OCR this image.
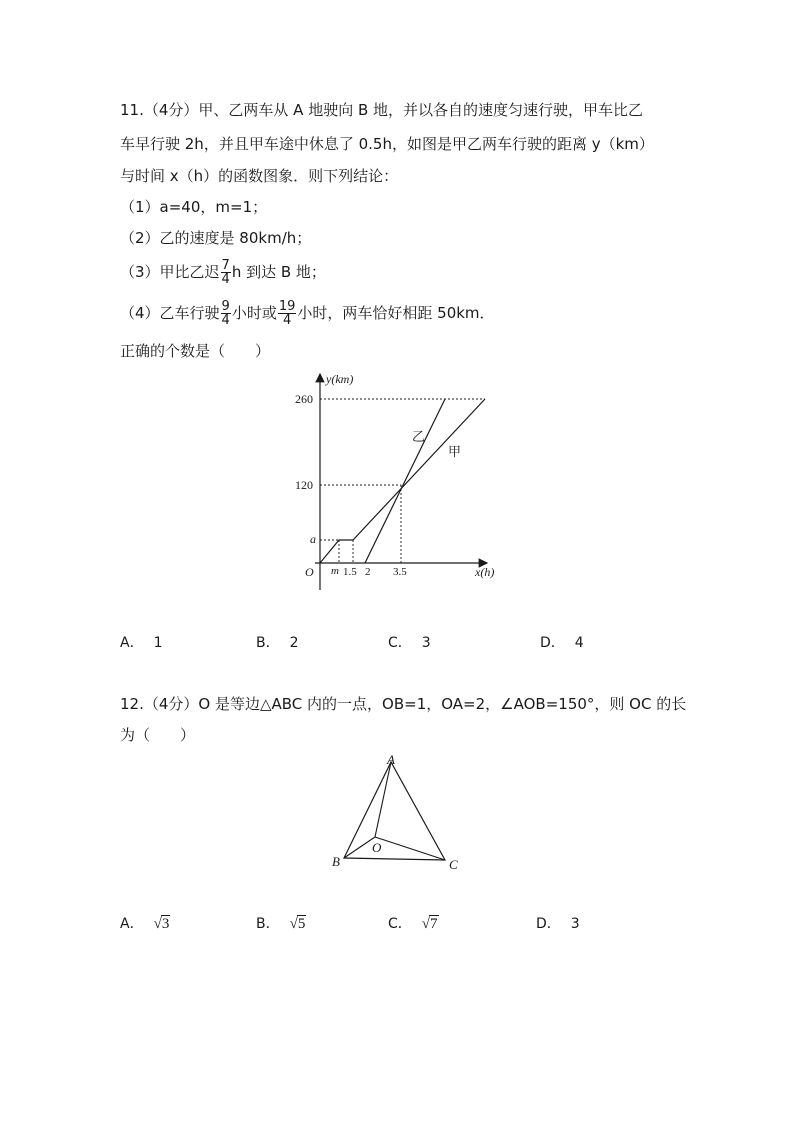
11.（4分）甲、乙两车从 A 地驶向 B 地，并以各自的速度匀速行驶，甲车比乙
车早行驶 2h，并且甲车途中休息了 0.5h，如图是甲乙两车行驶的距离 y（km）
与时间 x（h）的函数图象．则下列结论：
（1）a=40，m=1；
（2）乙的速度是 80km/h；
（3）甲比乙迟 $\frac{7}{4}$ h 到达 B 地；
（4）乙车行驶 $\frac{9}{4}$ 小时或 $\frac{19}{4}$ 小时，两车恰好相距 50km．
正确的个数是（　　）
y(km)
x(h)
O
260
120
a
m 1.5 2 3.5
乙
甲
A． 1	B． 2	C． 3	D． 4
12.（4分）O 是等边△ABC 内的一点，OB=1，OA=2，∠AOB=150°，则 OC 的长
为（　　）
A
B	C
O
A． √3	B． √5	C． √7	D． 3
